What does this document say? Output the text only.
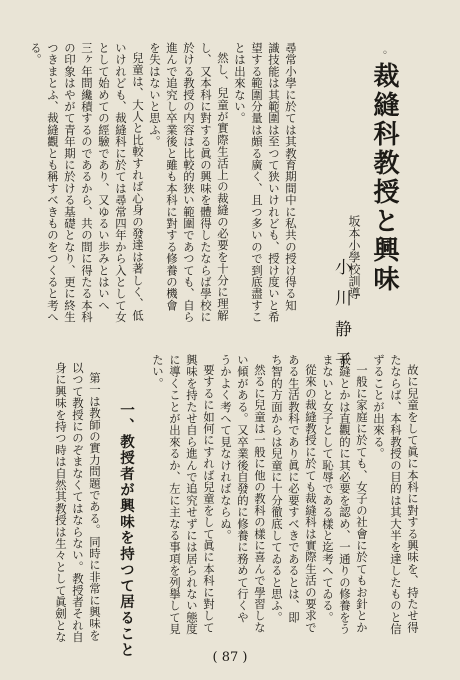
◦
裁縫科教授と興味
坂本小學校訓導
小川静子
尋常小學に於ては其教育期間中に私共の授け得る知
識技能は其範圍は至つて狭いけれども、授け度いと希
望する範圍分量は頗る廣く、且つ多いので到底盡すこ
とは出來ない。
然し、兒童が實際生活上の裁縫の必要を十分に理解
し、又本科に對する眞の興味を體得したならば學校に
於ける教授の内容は比較的狭い範圍であつても、自ら
進んで追究し卒業後と雖も本科に對する修養の機會
を失はないと思ふ。
兒童は、大人と比較すれば心身の發達は著しく、低
いけれども、裁縫科に於ては尋常四年から入として女
として始めての經驗であり、又ゆるい歩みとはいへ
三ヶ年間纔積するのであるから、共の間に得たる本科
の印象はやがて青年期に於ける基礎となり、更に終生
つきまとふ、裁縫觀とも稱すべきものをつくると考へ
る。
故に兒童をして眞に本科に對する興味を、持たせ得
たならば、本科教授の目的は其大半を達したものと信
ずることが出來る。
一般に家庭に於ても、女子の社會に於てもお針とか
裁縫とかは直觀的に其必要を認め、一通りの修養をう
まないと女子として恥辱である樣と迄考へてゐる。
從來の裁縫教授に於ても裁縫科は實際生活の要求で
ある生活教科であり眞に必要すべきであるとは、即
ち智的方面からは兒童に十分徹底してゐると思ふ。
然るに兒童は一般に他の教科の樣に喜んで學習しな
い傾がある。又卒業後自發的に修養に務めて行くや
うかよく考へて見なければならぬ。
要するに如何にすれば兒童をして眞に本科に對して
興味を持たせ自ら進んで追究せずには居られない態度
に導くことが出來るか、左に主なる事項を列擧して見
たい。
一、教授者が興味を持つて居ること
第一は教師の實力問題である。同時に非常に興味を
以つて教授にのぞまなくてはならない。教授者それ自
身に興味を持つ時は自然其教授は生々として眞劍とな
( 87 )
